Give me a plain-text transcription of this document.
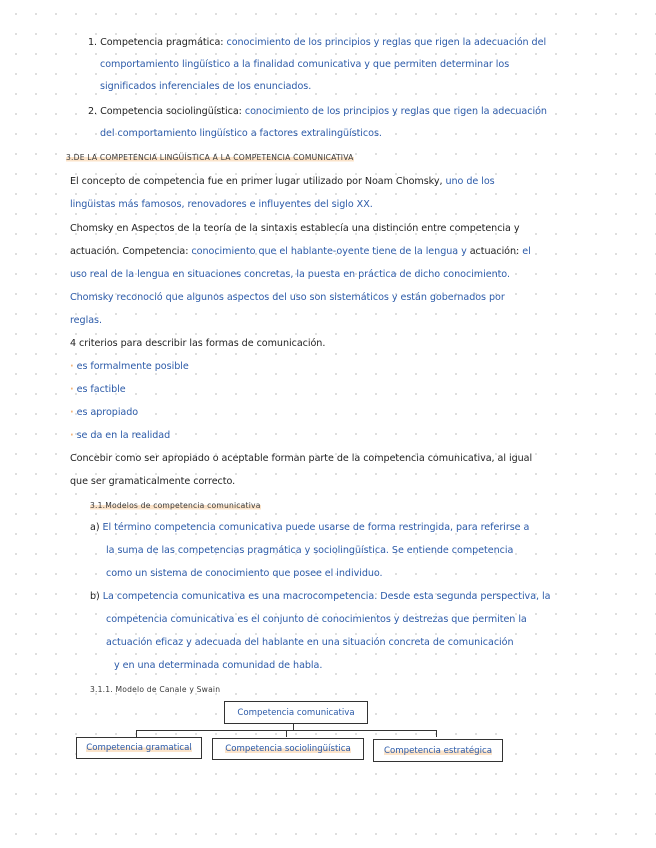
1. Competencia pragmática: conocimiento de los principios y reglas que rigen la adecuación del
comportamiento lingüístico a la finalidad comunicativa y que permiten determinar los
significados inferenciales de los enunciados.
2. Competencia sociolingüística: conocimiento de los principios y reglas que rigen la adecuación
del comportamiento lingüístico a factores extralingüísticos.
3.DE LA COMPETENCIA LINGÜÍSTICA A LA COMPETENCIA COMUNICATIVA
El concepto de competencia fue en primer lugar utilizado por Noam Chomsky, uno de los
lingüistas más famosos, renovadores e influyentes del siglo XX.
Chomsky en Aspectos de la teoría de la sintaxis establecía una distinción entre competencia y
actuación. Competencia: conocimiento que el hablante-oyente tiene de la lengua y actuación: el
uso real de la lengua en situaciones concretas, la puesta en práctica de dicho conocimiento.
Chomsky reconoció que algunos aspectos del uso son sistemáticos y están gobernados por
reglas.
4 criterios para describir las formas de comunicación.
· es formalmente posible
· es factible
· es apropiado
· se da en la realidad
Concebir como ser apropiado o aceptable forman parte de la competencia comunicativa, al igual
que ser gramaticalmente correcto.
3.1.Modelos de competencia comunicativa
a) El término competencia comunicativa puede usarse de forma restringida, para referirse a
la suma de las competencias pragmática y sociolingüística. Se entiende competencia
como un sistema de conocimiento que posee el individuo.
b) La competencia comunicativa es una macrocompetencia. Desde esta segunda perspectiva, la
competencia comunicativa es el conjunto de conocimientos y destrezas que permiten la
actuación eficaz y adecuada del hablante en una situación concreta de comunicación
y en una determinada comunidad de habla.
3.1.1. Modelo de Canale y Swain
Competencia comunicativa
Competencia gramatical	Competencia sociolingüística	Competencia estratégica
